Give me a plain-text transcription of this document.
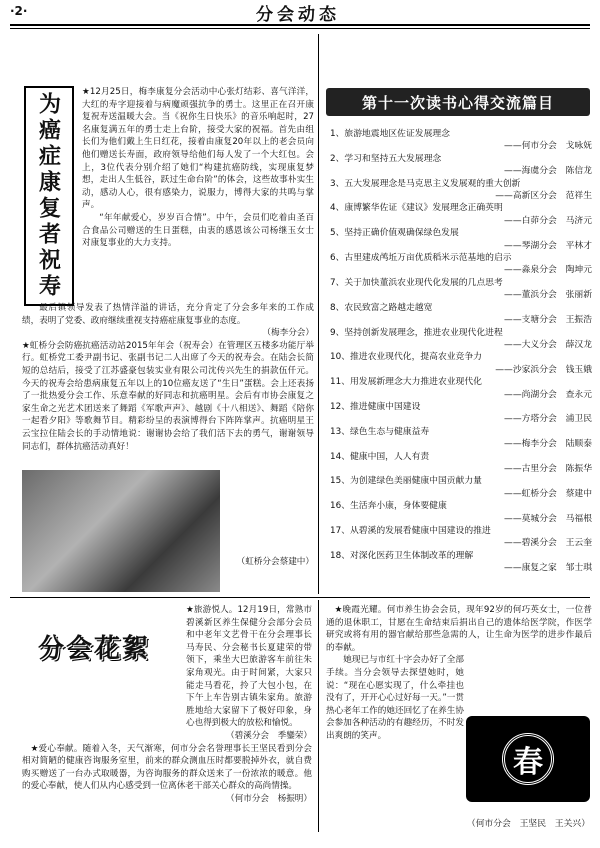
·2·	分会动态
为癌症康复者祝寿	★12月25日，梅李康复分会活动中心张灯结彩、喜气洋洋，大红的寿字迎接着与病魔顽强抗争的勇士。这里正在召开康复祝寿送温暖大会。当《祝你生日快乐》的音乐响起时，27名康复满五年的勇士走上台阶，接受大家的祝福。首先由组长们为他们戴上生日红花，接着由康复20年以上的老会员向他们赠送长寿面，政府领导给他们每人发了一个大红包。会上，3位代表分别介绍了她们“构建抗癌防线，实现康复梦想，走出人生低谷，跃过生命台阶”的体会，这些故事朴实生动，感动人心，很有感染力，说服力，博得大家的共鸣与掌声。
“年年献爱心，岁岁百合情”。中午，会员们吃着由圣百合食品公司赠送的生日蛋糕，由衷的感恩该公司杨继玉女士对康复事业的大力支持。
最后镇领导发表了热情洋溢的讲话，充分肯定了分会多年来的工作成绩，表明了党委、政府继续重视支持癌症康复事业的态度。
（梅李分会）
★虹桥分会防癌抗癌活动站2015年年会（祝寿会）在管理区五楼多功能厅举行。虹桥党工委尹副书记、张副书记二人出席了今天的祝寿会。在陆会长简短的总结后，接受了江苏盛豪包装实业有限公司沈传兴先生的捐款伍仟元。今天的祝寿会给患病康复五年以上的10位癌友送了“生日”蛋糕。会上还表扬了一批热爱分会工作、乐意奉献的好同志和抗癌明星。会后有市协会康复之家生命之光艺术团送来了舞蹈《军歌声声》、越剧《十八相送》、舞蹈《陪你一起看夕阳》等歌舞节目。精彩纷呈的表演博得台下阵阵掌声。抗癌明星王云宝拉住陆会长的手动情地说：谢谢协会给了我们活下去的勇气，谢谢领导同志们，群体抗癌活动真好！
（虹桥分会蔡建中）
第十一次读书心得交流篇目
1、旅游地震地区佐证发展理念
——何市分会　戈咏妩
2、学习和坚持五大发展理念
——海虞分会　陈信龙
3、五大发展理念是马克思主义发展观的重大创新
——高新区分会　范祥生
4、康博繁华佐证《建议》发展理念正确英明
——白茆分会　马济元
5、坚持正确价值观确保绿色发展
——琴湖分会　平林才
6、古里建成鸬坵万亩优质稻米示范基地的启示
——淼泉分会　陶坤元
7、关于加快董浜农业现代化发展的几点思考
——董浜分会　张丽新
8、农民致富之路越走越宽
——支塘分会　王振浩
9、坚持创新发展理念，推进农业现代化进程
——大义分会　薛汉龙
10、推进农业现代化，提高农业竞争力
——沙家浜分会　钱玉娥
11、用发展新理念大力推进农业现代化
——尚湖分会　查永元
12、推进健康中国建设
——方塔分会　浦卫民
13、绿色生态与健康益寿
——梅李分会　陆顺泰
14、健康中国，人人有责
——古里分会　陈振华
15、为创建绿色美丽健康中国贡献力量
——虹桥分会　蔡建中
16、生活奔小康，身体要健康
——莫城分会　马福根
17、从碧溪的发展看健康中国建设的推进
——碧溪分会　王云奎
18、对深化医药卫生体制改革的理解
——康复之家　邹士琪
分会花絮
★旅游悦人。12月19日，常熟市碧溪新区养生保健分会部分会员和中老年文艺骨干在分会理事长马寿民、分会秘书长夏建荣的带领下，乘坐大巴旅游客车前往朱家角观光。由于时间紧，大家只能走马看花，拎了大包小包，在下午上车告别古镇朱家角。旅游胜地给大家留下了极好印象，身心也得到极大的放松和愉悦。
（碧溪分会　季鑾荣）
★爱心奉献。随着入冬，天气渐寒，何市分会名誉理事长王坚民看到分会相对简陋的健康咨询服务室里，前来的群众测血压时都要脱掉外衣，就自费购买赠送了一台办式取暖器，为咨询服务的群众送来了一份浓浓的暖意。他的爱心奉献，使人们从内心感受到一位离休老干部关心群众的高尚情操。
（何市分会　杨振明）
★晚霞光耀。何市养生协会会员，现年92岁的何巧英女士，一位普通的退休职工，甘愿在生命结束后捐出自己的遗体给医学院，作医学研究或将有用的器官献给那些急需的人，让生命为医学的进步作最后的奉献。
她现已与市红十字会办好了全部手续。当分会领导去探望她时，她说：“现在心愿实现了，什么牵挂也没有了，开开心心过好每一天。”一贯热心老年工作的她还回忆了在养生协会参加各种活动的有趣经历，不时发出爽朗的笑声。
春
（何市分会　王坚民　王关兴）
